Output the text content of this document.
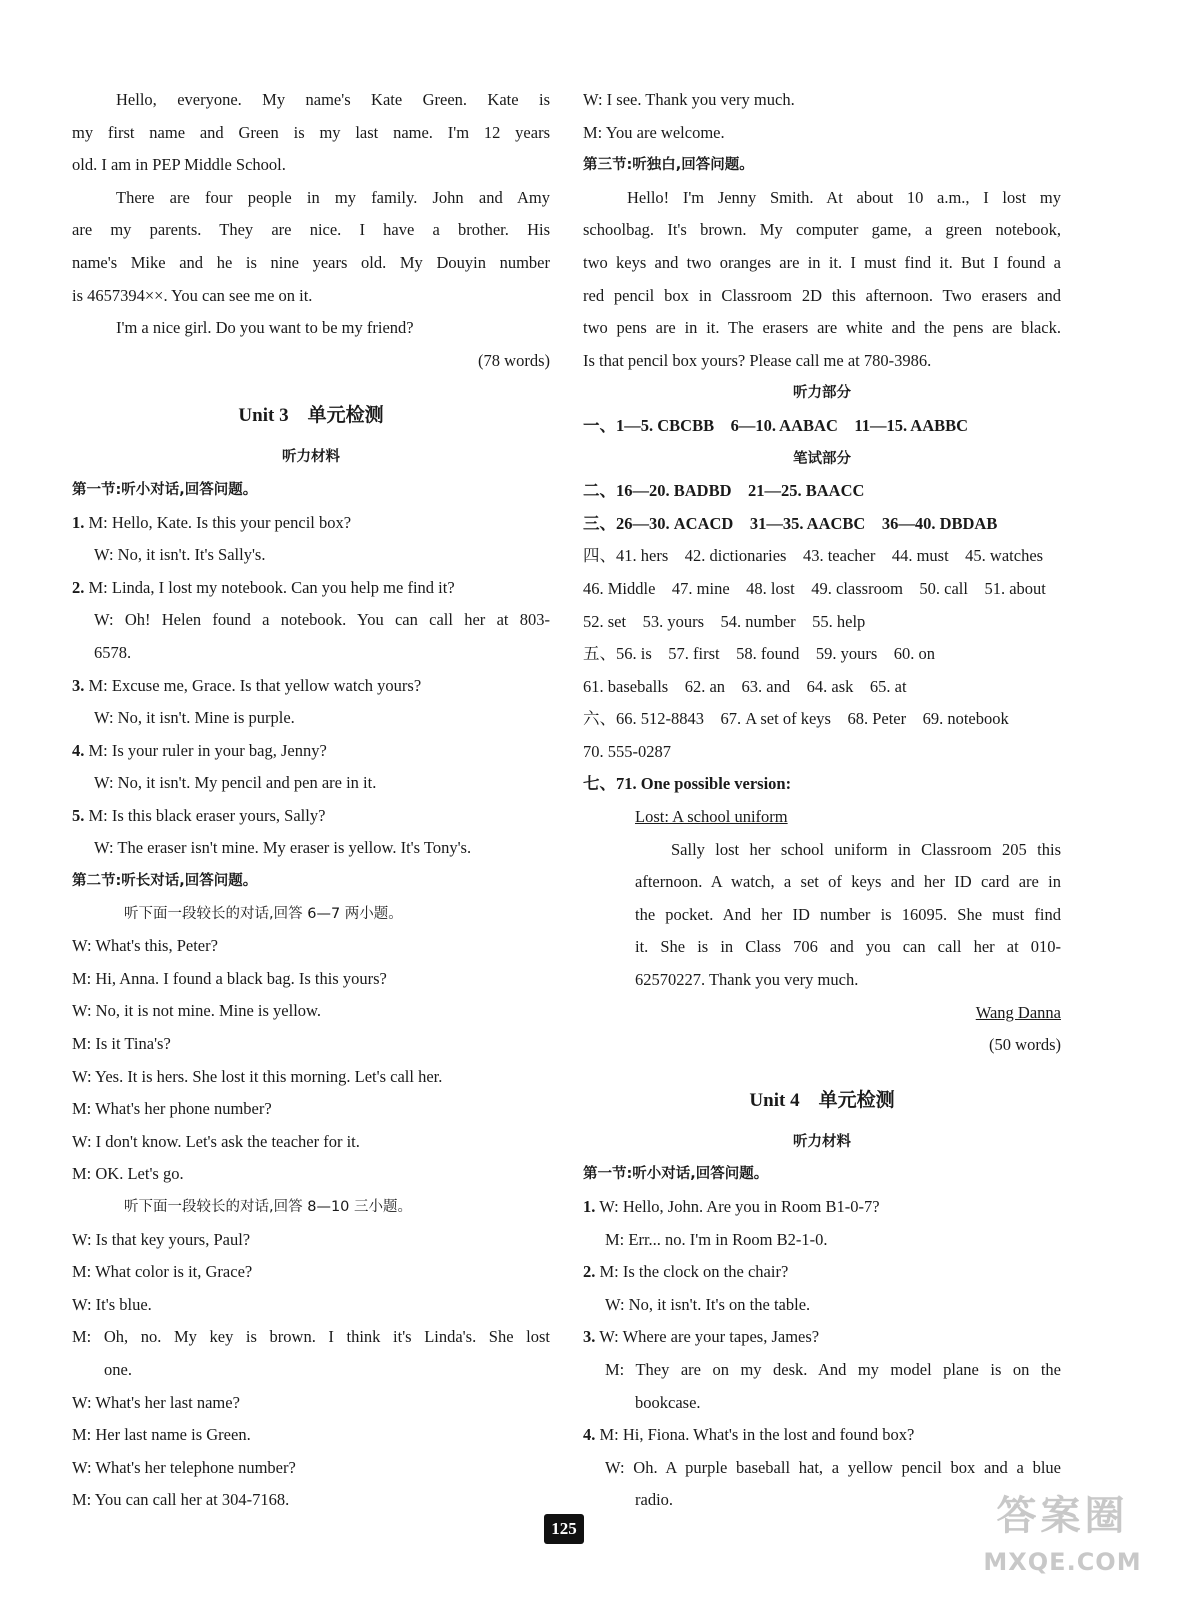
Hello, everyone. My name's Kate Green. Kate is
my first name and Green is my last name. I'm 12 years
old. I am in PEP Middle School.
There are four people in my family. John and Amy
are my parents. They are nice. I have a brother. His
name's Mike and he is nine years old. My Douyin number
is 4657394××. You can see me on it.
I'm a nice girl. Do you want to be my friend?
(78 words)
Unit 3　单元检测
听力材料
第一节:听小对话,回答问题。
1. M: Hello, Kate. Is this your pencil box?
W: No, it isn't. It's Sally's.
2. M: Linda, I lost my notebook. Can you help me find it?
W: Oh! Helen found a notebook. You can call her at 803-
6578.
3. M: Excuse me, Grace. Is that yellow watch yours?
W: No, it isn't. Mine is purple.
4. M: Is your ruler in your bag, Jenny?
W: No, it isn't. My pencil and pen are in it.
5. M: Is this black eraser yours, Sally?
W: The eraser isn't mine. My eraser is yellow. It's Tony's.
第二节:听长对话,回答问题。
听下面一段较长的对话,回答 6—7 两小题。
W: What's this, Peter?
M: Hi, Anna. I found a black bag. Is this yours?
W: No, it is not mine. Mine is yellow.
M: Is it Tina's?
W: Yes. It is hers. She lost it this morning. Let's call her.
M: What's her phone number?
W: I don't know. Let's ask the teacher for it.
M: OK. Let's go.
听下面一段较长的对话,回答 8—10 三小题。
W: Is that key yours, Paul?
M: What color is it, Grace?
W: It's blue.
M: Oh, no. My key is brown. I think it's Linda's. She lost
one.
W: What's her last name?
M: Her last name is Green.
W: What's her telephone number?
M: You can call her at 304-7168.
W: I see. Thank you very much.
M: You are welcome.
第三节:听独白,回答问题。
Hello! I'm Jenny Smith. At about 10 a.m., I lost my
schoolbag. It's brown. My computer game, a green notebook,
two keys and two oranges are in it. I must find it. But I found a
red pencil box in Classroom 2D this afternoon. Two erasers and
two pens are in it. The erasers are white and the pens are black.
Is that pencil box yours? Please call me at 780-3986.
听力部分
一、1—5. CBCBB　6—10. AABAC　11—15. AABBC
笔试部分
二、16—20. BADBD　21—25. BAACC
三、26—30. ACACD　31—35. AACBC　36—40. DBDAB
四、41. hers　42. dictionaries　43. teacher　44. must　45. watches
46. Middle　47. mine　48. lost　49. classroom　50. call　51. about
52. set　53. yours　54. number　55. help
五、56. is　57. first　58. found　59. yours　60. on
61. baseballs　62. an　63. and　64. ask　65. at
六、66. 512-8843　67. A set of keys　68. Peter　69. notebook
70. 555-0287
七、71. One possible version:
Lost: A school uniform
Sally lost her school uniform in Classroom 205 this
afternoon. A watch, a set of keys and her ID card are in
the pocket. And her ID number is 16095. She must find
it. She is in Class 706 and you can call her at 010-
62570227. Thank you very much.
Wang Danna
(50 words)
Unit 4　单元检测
听力材料
第一节:听小对话,回答问题。
1. W: Hello, John. Are you in Room B1-0-7?
M: Err... no. I'm in Room B2-1-0.
2. M: Is the clock on the chair?
W: No, it isn't. It's on the table.
3. W: Where are your tapes, James?
M: They are on my desk. And my model plane is on the
bookcase.
4. M: Hi, Fiona. What's in the lost and found box?
W: Oh. A purple baseball hat, a yellow pencil box and a blue
radio.
125	答案圈
MXQE.COM
